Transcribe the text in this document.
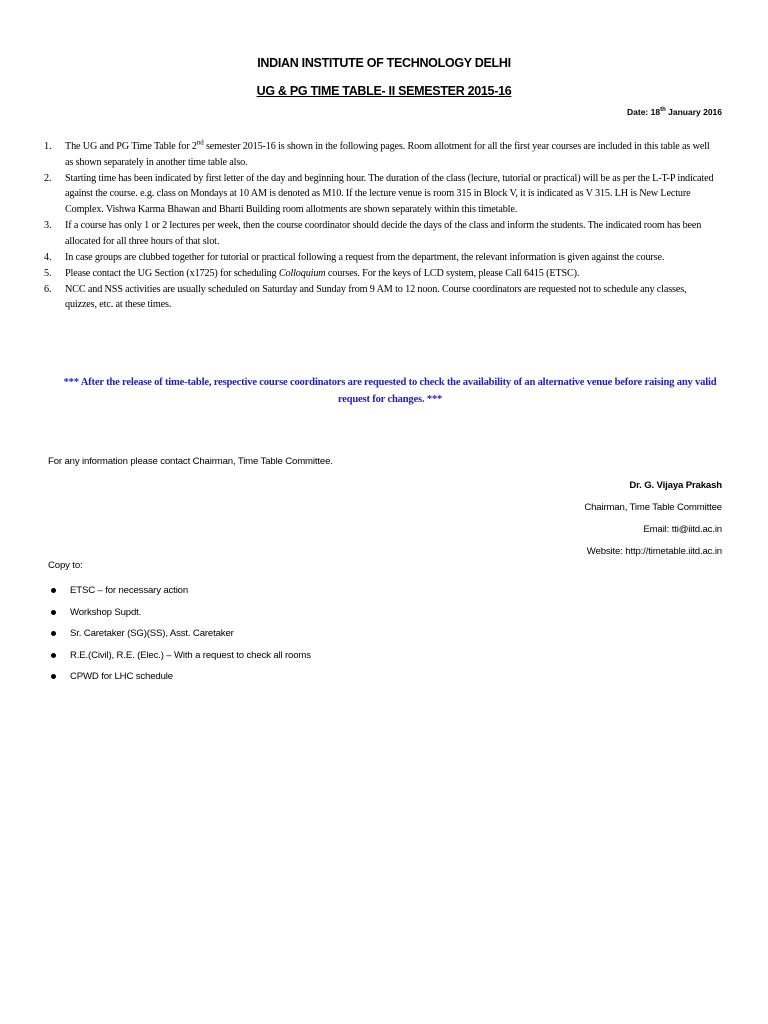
INDIAN INSTITUTE OF TECHNOLOGY DELHI
UG & PG TIME TABLE- II SEMESTER 2015-16
Date: 18th January 2016
1. The UG and PG Time Table for 2nd semester 2015-16 is shown in the following pages. Room allotment for all the first year courses are included in this table as well as shown separately in another time table also.
2. Starting time has been indicated by first letter of the day and beginning hour. The duration of the class (lecture, tutorial or practical) will be as per the L-T-P indicated against the course. e.g. class on Mondays at 10 AM is denoted as M10. If the lecture venue is room 315 in Block V, it is indicated as V 315. LH is New Lecture Complex. Vishwa Karma Bhawan and Bharti Building room allotments are shown separately within this timetable.
3. If a course has only 1 or 2 lectures per week, then the course coordinator should decide the days of the class and inform the students. The indicated room has been allocated for all three hours of that slot.
4. In case groups are clubbed together for tutorial or practical following a request from the department, the relevant information is given against the course.
5. Please contact the UG Section (x1725) for scheduling Colloquium courses. For the keys of LCD system, please Call 6415 (ETSC).
6. NCC and NSS activities are usually scheduled on Saturday and Sunday from 9 AM to 12 noon. Course coordinators are requested not to schedule any classes, quizzes, etc. at these times.
*** After the release of time-table, respective course coordinators are requested to check the availability of an alternative venue before raising any valid request for changes. ***
For any information please contact Chairman, Time Table Committee.
Dr. G. Vijaya Prakash
Chairman, Time Table Committee
Email: tti@iitd.ac.in
Website: http://timetable.iitd.ac.in
Copy to:
ETSC – for necessary action
Workshop Supdt.
Sr. Caretaker (SG)(SS), Asst. Caretaker
R.E.(Civil), R.E. (Elec.) – With a request to check all rooms
CPWD for LHC schedule
